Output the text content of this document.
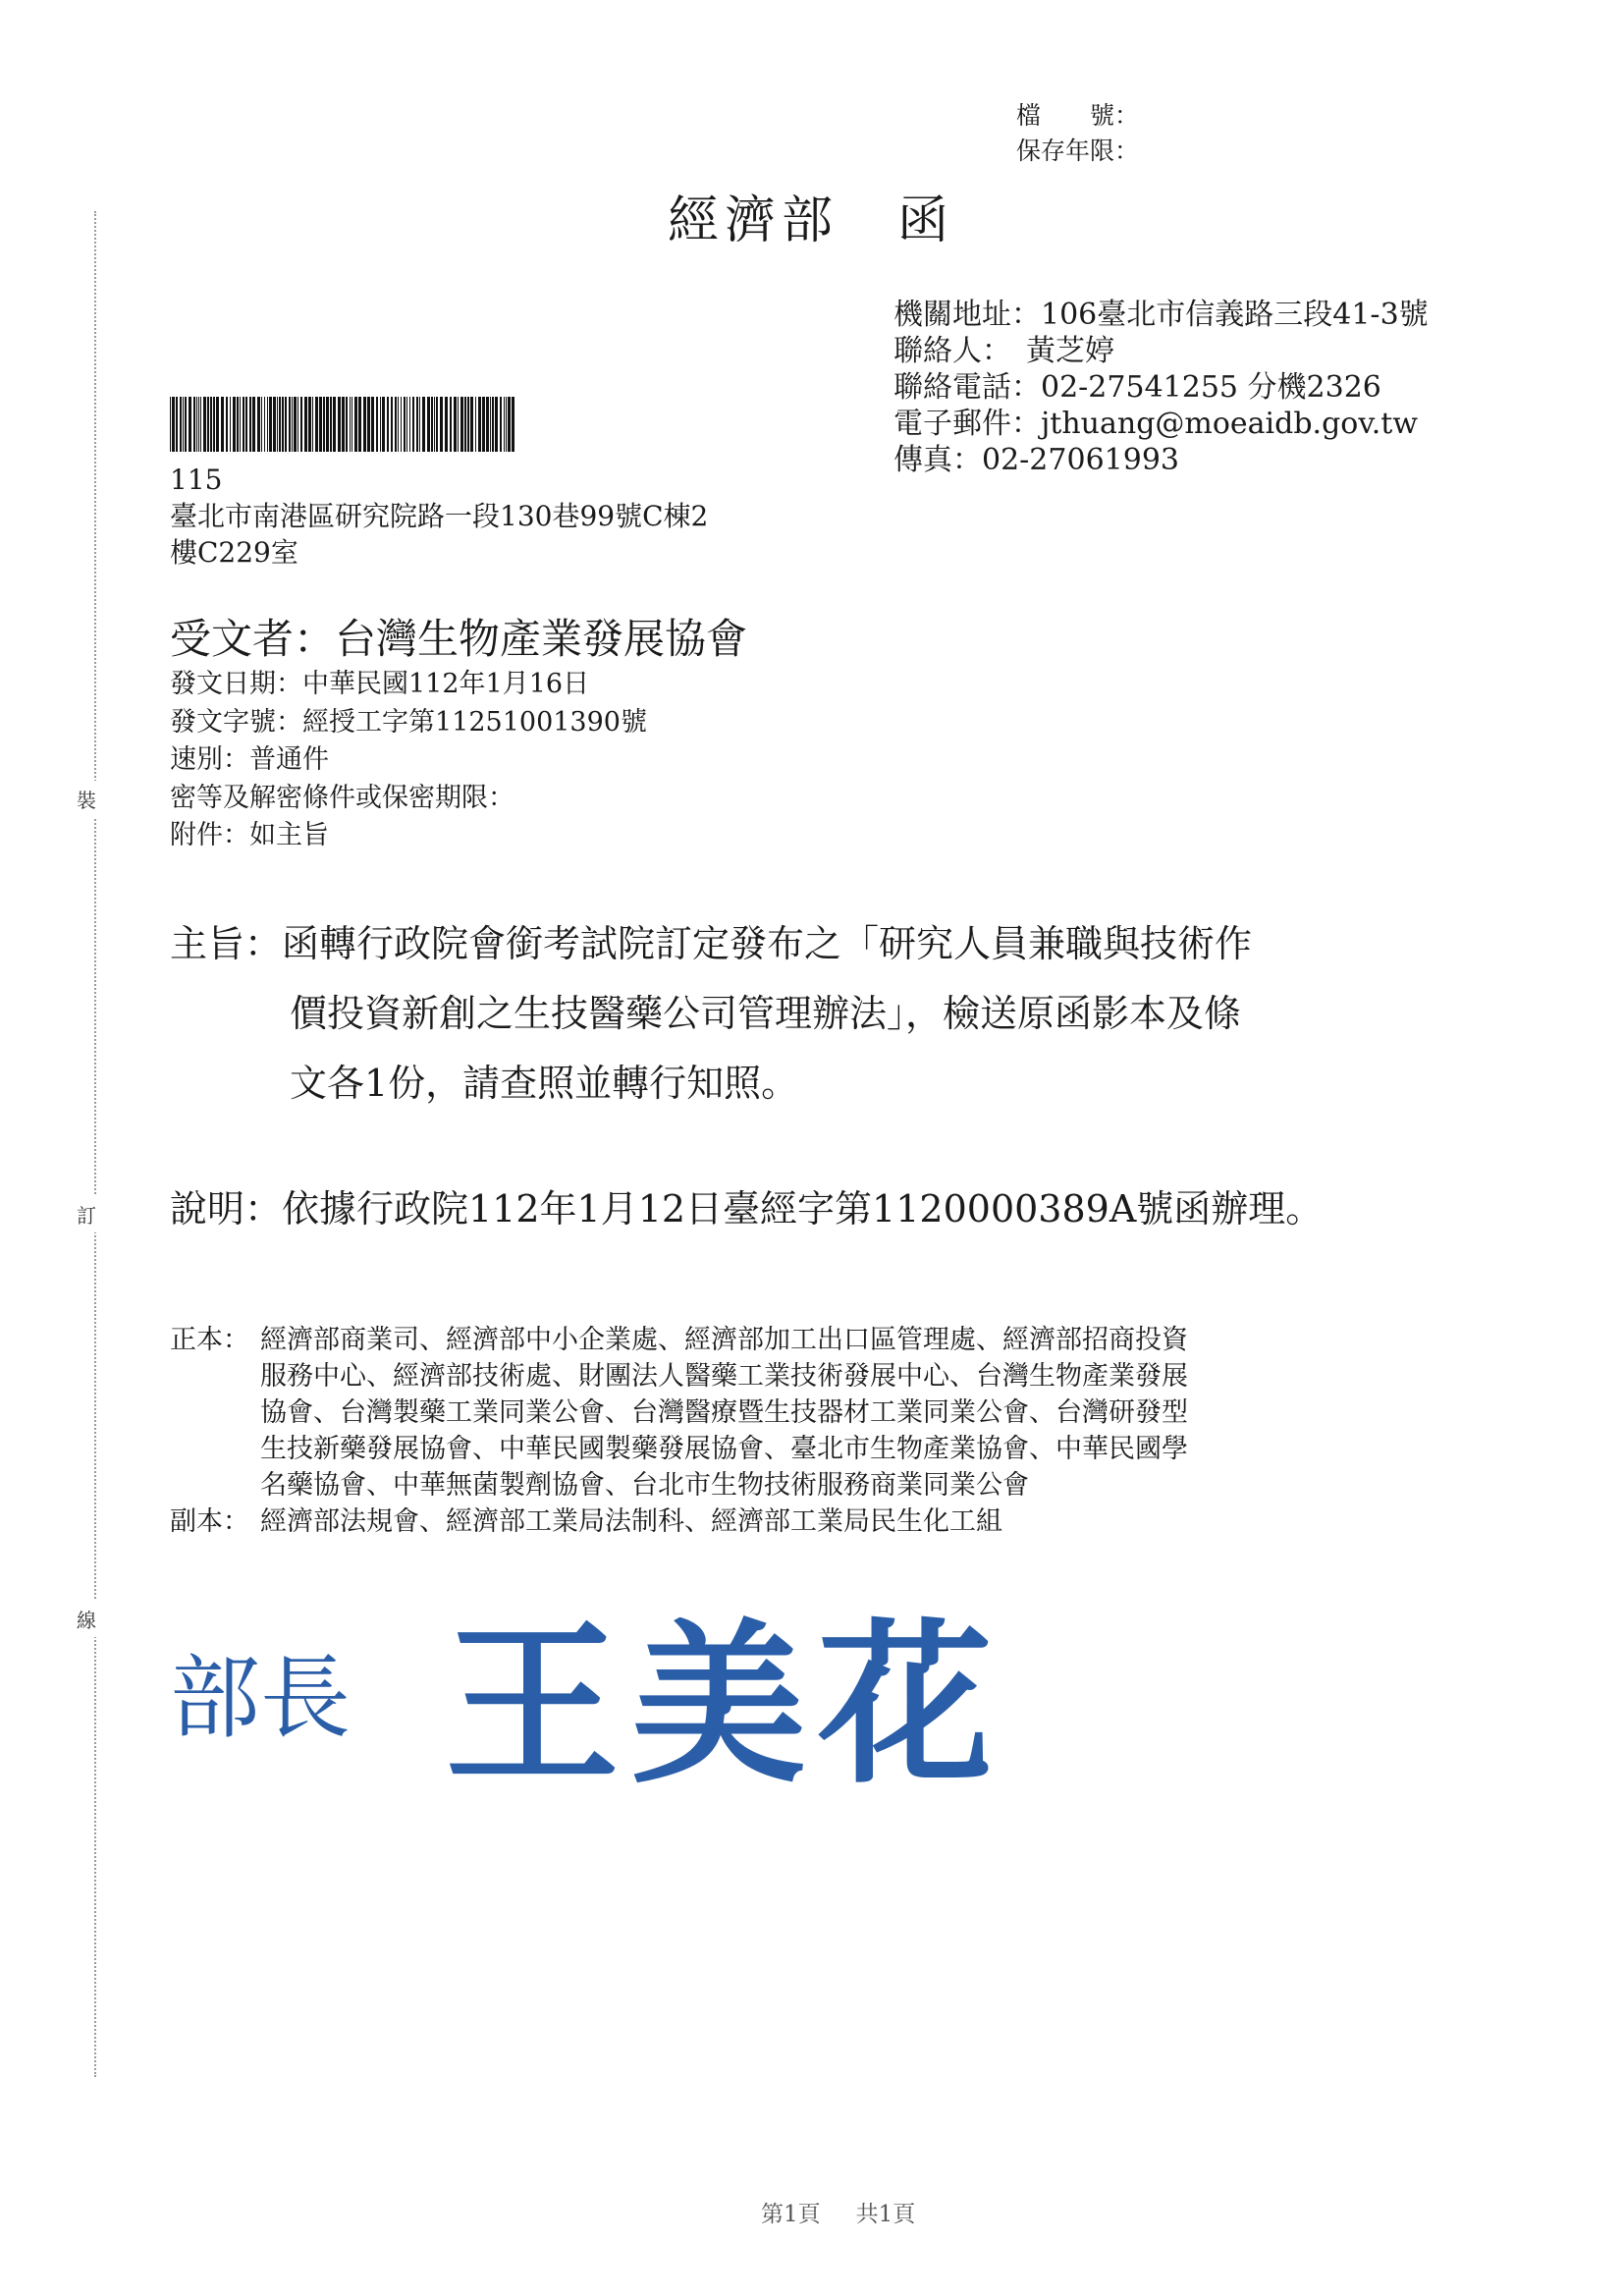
裝
訂
線
檔　　號：
保存年限：
經濟部 函
機關地址：106臺北市信義路三段41-3號
聯絡人：　黃芝婷
聯絡電話：02-27541255 分機2326
電子郵件：jthuang@moeaidb.gov.tw
傳真：02-27061993
115
臺北市南港區研究院路一段130巷99號C棟2
樓C229室
受文者：台灣生物產業發展協會
發文日期：中華民國112年1月16日
發文字號：經授工字第11251001390號
速別：普通件
密等及解密條件或保密期限：
附件：如主旨
主旨：函轉行政院會銜考試院訂定發布之「研究人員兼職與技術作
價投資新創之生技醫藥公司管理辦法」，檢送原函影本及條
文各1份，請查照並轉行知照。
說明：依據行政院112年1月12日臺經字第1120000389A號函辦理。
正本： 經濟部商業司、經濟部中小企業處、經濟部加工出口區管理處、經濟部招商投資
服務中心、經濟部技術處、財團法人醫藥工業技術發展中心、台灣生物產業發展
協會、台灣製藥工業同業公會、台灣醫療暨生技器材工業同業公會、台灣研發型
生技新藥發展協會、中華民國製藥發展協會、臺北市生物產業協會、中華民國學
名藥協會、中華無菌製劑協會、台北市生物技術服務商業同業公會
副本： 經濟部法規會、經濟部工業局法制科、經濟部工業局民生化工組
部長 王美花
第1頁 共1頁
